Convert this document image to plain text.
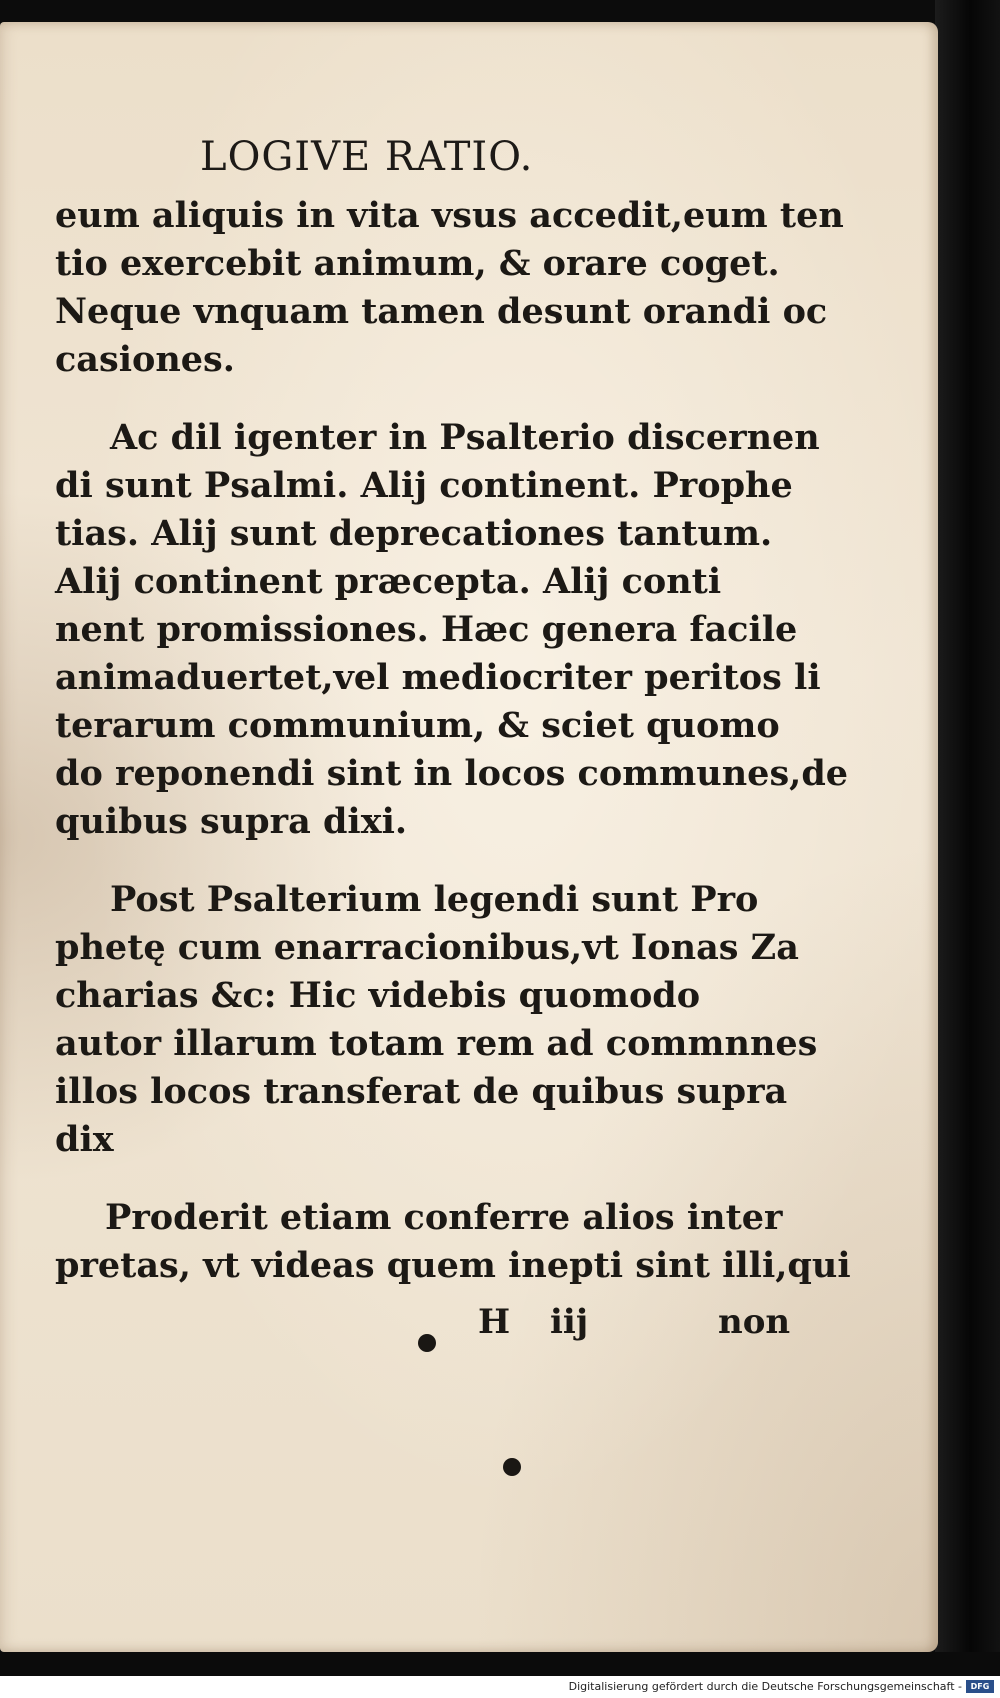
LOGIVE RATIO.
eum aliquis in vita vsus accedit,eum ten
tio exercebit animum, & orare coget.
Neque vnquam tamen desunt orandi oc
casiones.
Ac dil igenter in Psalterio discernen
di sunt Psalmi. Alij continent. Prophe
tias. Alij sunt deprecationes tantum.
Alij continent præcepta. Alij conti
nent promissiones. Hæc genera facile
animaduertet,vel mediocriter peritos li
terarum communium, & sciet quomo
do reponendi sint in locos communes,de
quibus supra dixi.
Post Psalterium legendi sunt Pro
phetę cum enarracionibus,vt Ionas Za
charias &c: Hic videbis quomodo
autor illarum totam rem ad commnnes
illos locos transferat de quibus supra
dix
Proderit etiam conferre alios inter
pretas, vt videas quem inepti sint illi,qui
H iij	non
Digitalisierung gefördert durch die Deutsche Forschungsgemeinschaft -	DFG
